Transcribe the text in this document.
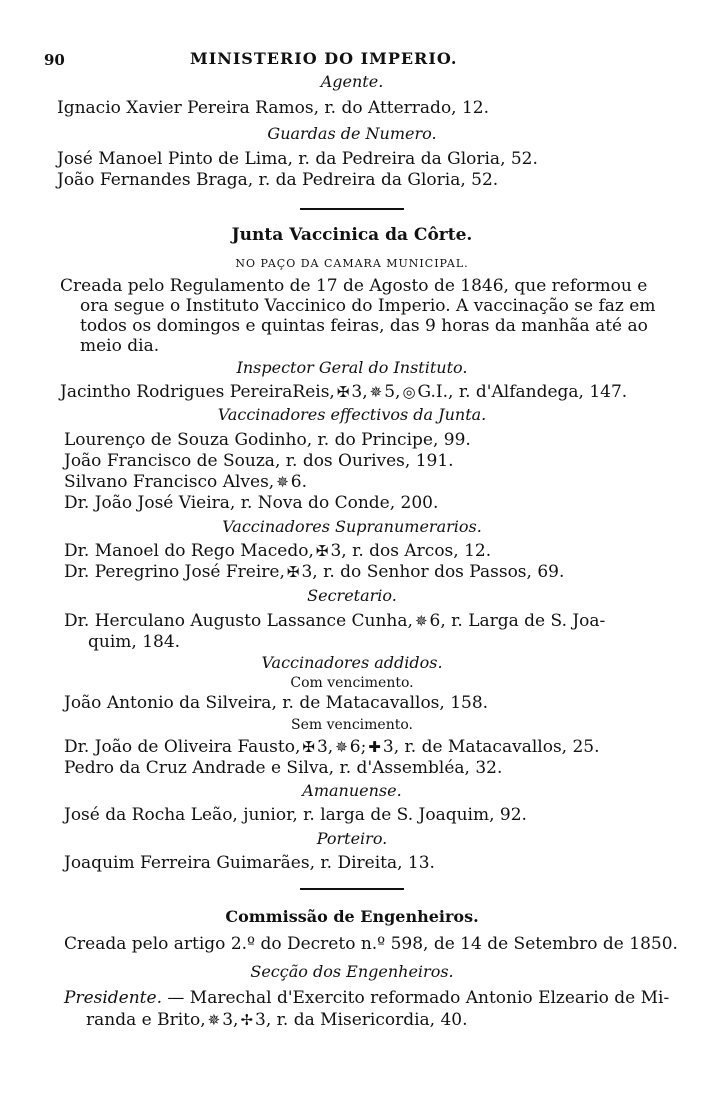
90	MINISTERIO DO IMPERIO.
Agente.
Ignacio Xavier Pereira Ramos, r. do Atterrado, 12.
Guardas de Numero.
José Manoel Pinto de Lima, r. da Pedreira da Gloria, 52.
João Fernandes Braga, r. da Pedreira da Gloria, 52.
Junta Vaccinica da Côrte.
NO PAÇO DA CAMARA MUNICIPAL.
Creada pelo Regulamento de 17 de Agosto de 1846, que reformou e
ora segue o Instituto Vaccinico do Imperio. A vaccinação se faz em
todos os domingos e quintas feiras, das 9 horas da manhãa até ao
meio dia.
Inspector Geral do Instituto.
Jacintho Rodrigues PereiraReis, ✠ 3, ✵ 5, ◎ G.I., r. d'Alfandega, 147.
Vaccinadores effectivos da Junta.
Lourenço de Souza Godinho, r. do Principe, 99.
João Francisco de Souza, r. dos Ourives, 191.
Silvano Francisco Alves, ✵ 6.
Dr. João José Vieira, r. Nova do Conde, 200.
Vaccinadores Supranumerarios.
Dr. Manoel do Rego Macedo, ✠ 3, r. dos Arcos, 12.
Dr. Peregrino José Freire, ✠ 3, r. do Senhor dos Passos, 69.
Secretario.
Dr. Herculano Augusto Lassance Cunha, ✵ 6, r. Larga de S. Joa-
quim, 184.
Vaccinadores addidos.
Com vencimento.
João Antonio da Silveira, r. de Matacavallos, 158.
Sem vencimento.
Dr. João de Oliveira Fausto, ✠ 3, ✵ 6; ✚ 3, r. de Matacavallos, 25.
Pedro da Cruz Andrade e Silva, r. d'Assembléa, 32.
Amanuense.
José da Rocha Leão, junior, r. larga de S. Joaquim, 92.
Porteiro.
Joaquim Ferreira Guimarães, r. Direita, 13.
Commissão de Engenheiros.
Creada pelo artigo 2.º do Decreto n.º 598, de 14 de Setembro de 1850.
Secção dos Engenheiros.
Presidente. — Marechal d'Exercito reformado Antonio Elzeario de Mi-
randa e Brito, ✵ 3, ✢ 3, r. da Misericordia, 40.
